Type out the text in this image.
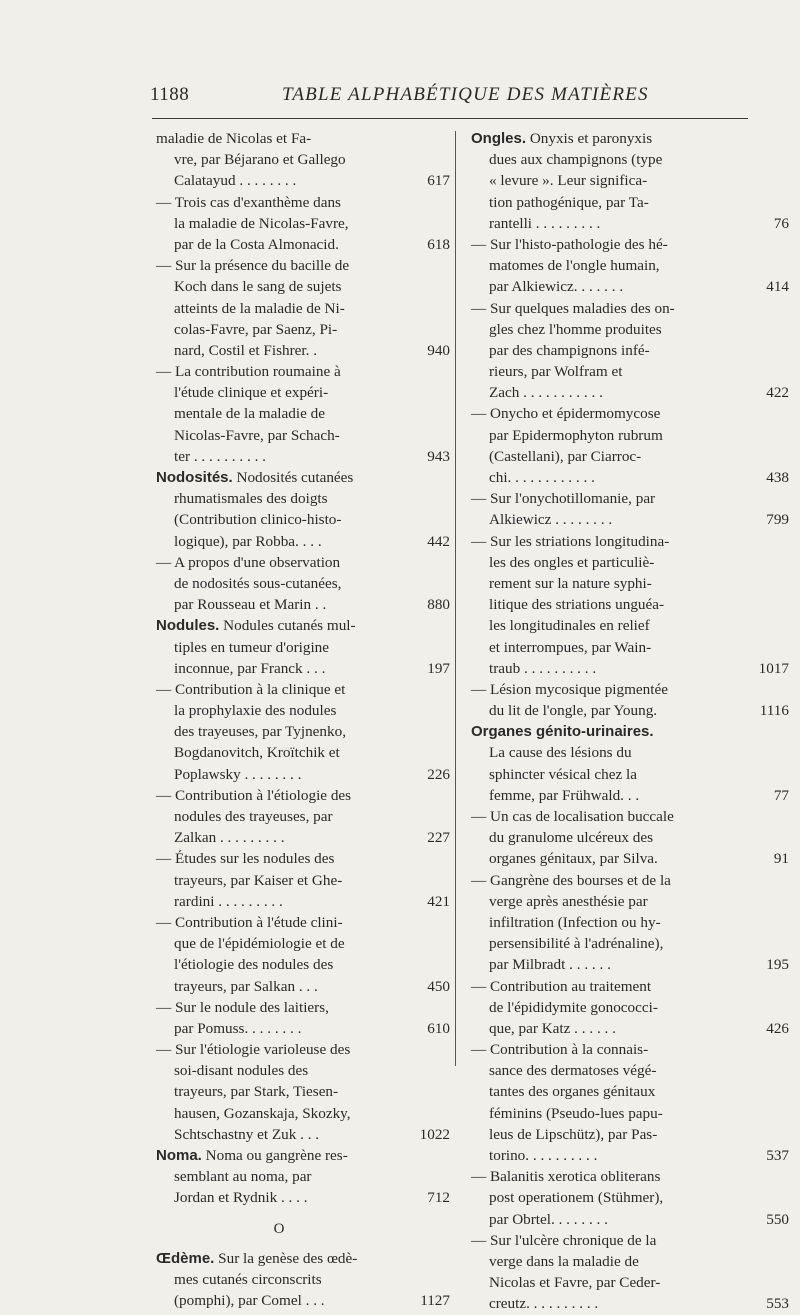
1188	TABLE ALPHABÉTIQUE DES MATIÈRES
maladie de Nicolas et Fa-
vre, par Béjarano et Gallego
Calatayud . . . . . . . .	617
— Trois cas d'exanthème dans
la maladie de Nicolas-Favre,
par de la Costa Almonacid.	618
— Sur la présence du bacille de
Koch dans le sang de sujets
atteints de la maladie de Ni-
colas-Favre, par Saenz, Pi-
nard, Costil et Fishrer. .	940
— La contribution roumaine à
l'étude clinique et expéri-
mentale de la maladie de
Nicolas-Favre, par Schach-
ter . . . . . . . . . .	943
Nodosités. Nodosités cutanées
rhumatismales des doigts
(Contribution clinico-histo-
logique), par Robba. . . .	442
— A propos d'une observation
de nodosités sous-cutanées,
par Rousseau et Marin . .	880
Nodules. Nodules cutanés mul-
tiples en tumeur d'origine
inconnue, par Franck . . .	197
— Contribution à la clinique et
la prophylaxie des nodules
des trayeuses, par Tyjnenko,
Bogdanovitch, Kroïtchik et
Poplawsky . . . . . . . .	226
— Contribution à l'étiologie des
nodules des trayeuses, par
Zalkan . . . . . . . . .	227
— Études sur les nodules des
trayeurs, par Kaiser et Ghe-
rardini . . . . . . . . .	421
— Contribution à l'étude clini-
que de l'épidémiologie et de
l'étiologie des nodules des
trayeurs, par Salkan . . .	450
— Sur le nodule des laitiers,
par Pomuss. . . . . . . .	610
— Sur l'étiologie varioleuse des
soi-disant nodules des
trayeurs, par Stark, Tiesen-
hausen, Gozanskaja, Skozky,
Schtschastny et Zuk . . .	1022
Noma. Noma ou gangrène res-
semblant au noma, par
Jordan et Rydnik . . . .	712
O
Œdème. Sur la genèse des œdè-
mes cutanés circonscrits
(pomphi), par Comel . . .	1127
Ongles. Onyxis et paronyxis
dues aux champignons (type
« levure ». Leur significa-
tion pathogénique, par Ta-
rantelli . . . . . . . . .	76
— Sur l'histo-pathologie des hé-
matomes de l'ongle humain,
par Alkiewicz. . . . . . .	414
— Sur quelques maladies des on-
gles chez l'homme produites
par des champignons infé-
rieurs, par Wolfram et
Zach . . . . . . . . . . .	422
— Onycho et épidermomycose
par Epidermophyton rubrum
(Castellani), par Ciarroc-
chi. . . . . . . . . . . .	438
— Sur l'onychotillomanie, par
Alkiewicz . . . . . . . .	799
— Sur les striations longitudina-
les des ongles et particuliè-
rement sur la nature syphi-
litique des striations unguéa-
les longitudinales en relief
et interrompues, par Wain-
traub . . . . . . . . . .	1017
— Lésion mycosique pigmentée
du lit de l'ongle, par Young.	1116
Organes génito-urinaires.
La cause des lésions du
sphincter vésical chez la
femme, par Frühwald. . .	77
— Un cas de localisation buccale
du granulome ulcéreux des
organes génitaux, par Silva.	91
— Gangrène des bourses et de la
verge après anesthésie par
infiltration (Infection ou hy-
persensibilité à l'adrénaline),
par Milbradt . . . . . .	195
— Contribution au traitement
de l'épididymite gonococci-
que, par Katz . . . . . .	426
— Contribution à la connais-
sance des dermatoses végé-
tantes des organes génitaux
féminins (Pseudo-lues papu-
leus de Lipschütz), par Pas-
torino. . . . . . . . . .	537
— Balanitis xerotica obliterans
post operationem (Stühmer),
par Obrtel. . . . . . . .	550
— Sur l'ulcère chronique de la
verge dans la maladie de
Nicolas et Favre, par Ceder-
creutz. . . . . . . . . .	553
